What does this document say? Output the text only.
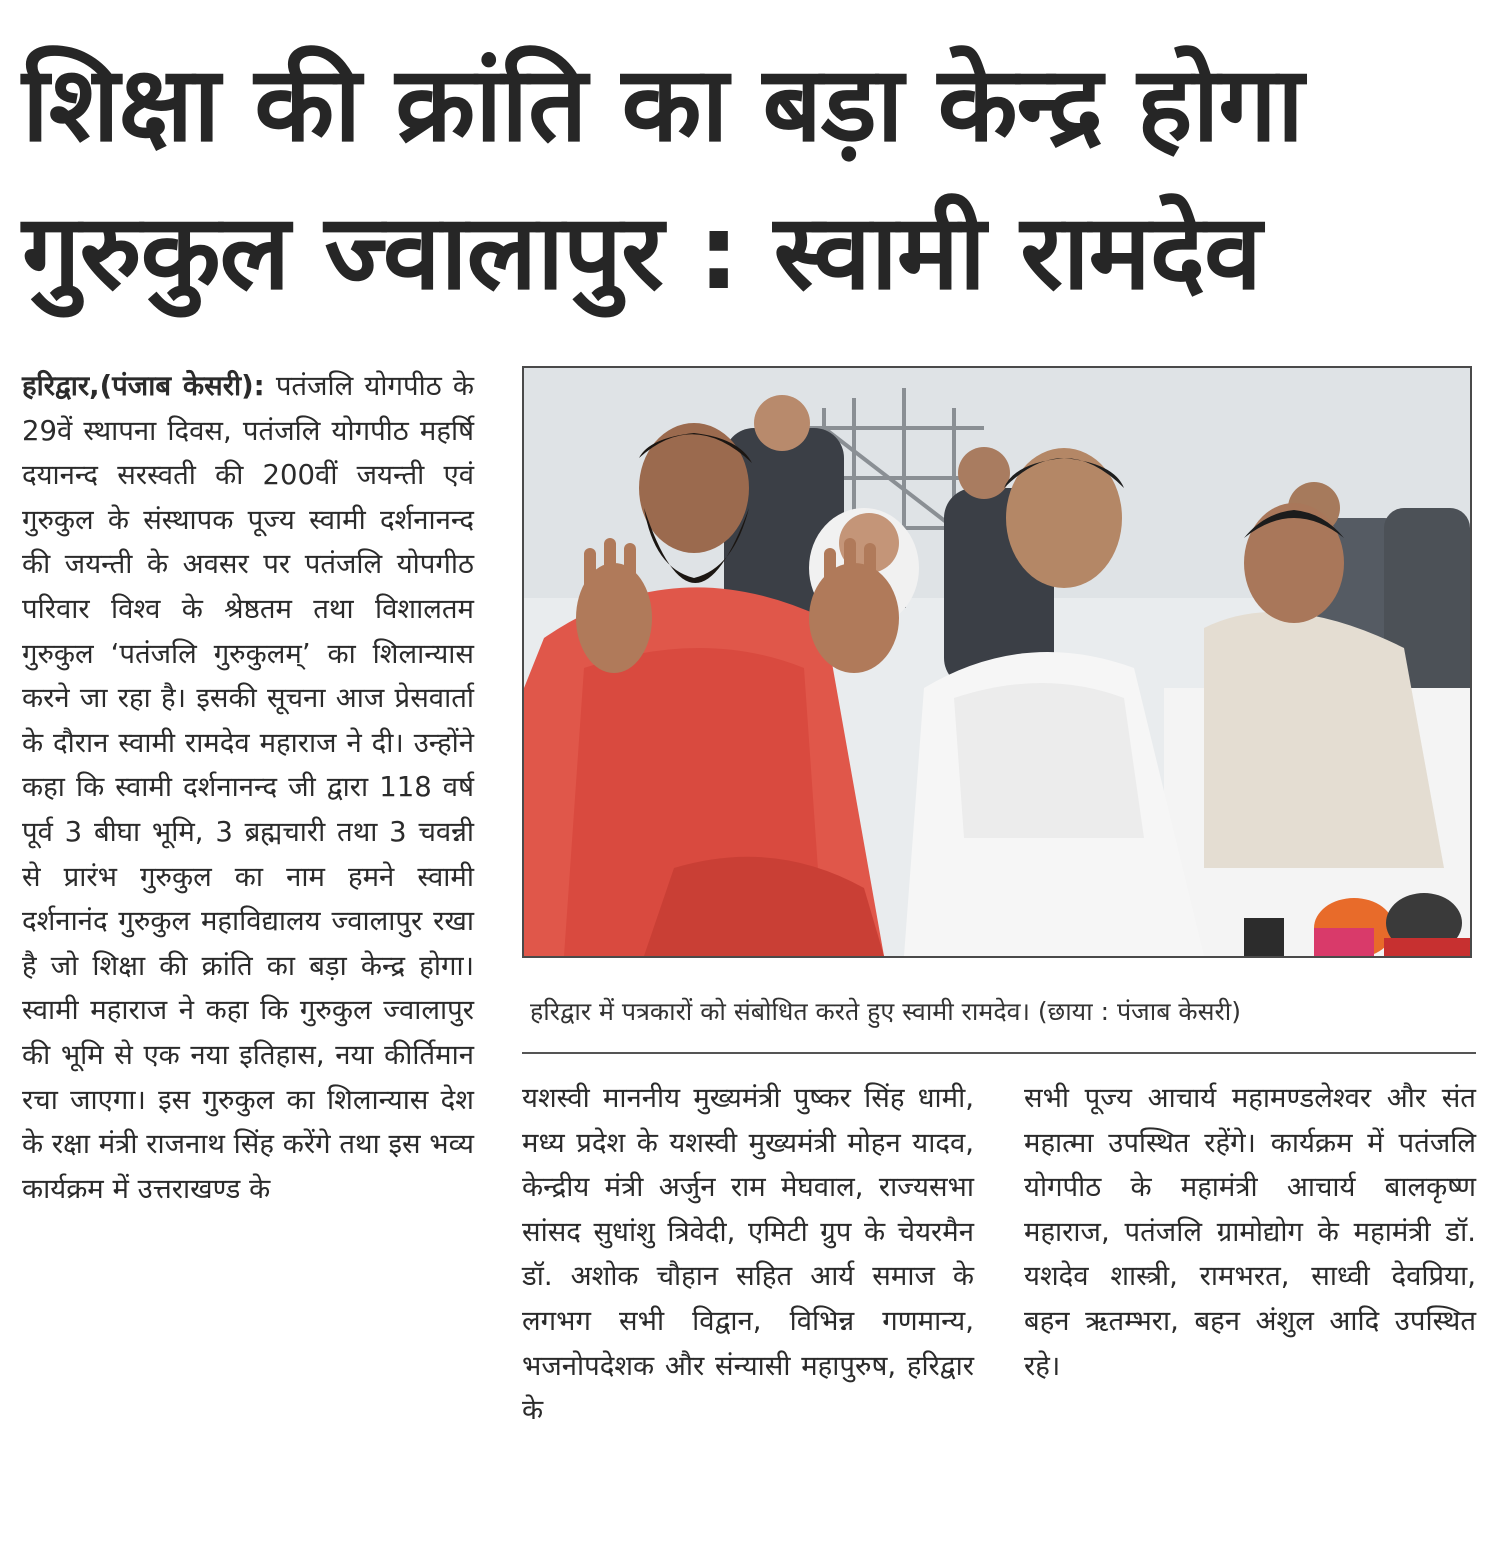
शिक्षा की क्रांति का बड़ा केन्द्र होगा
गुरुकुल ज्वालापुर : स्वामी रामदेव

हरिद्वार,(पंजाब केसरी): पतंजलि योगपीठ के 29वें स्थापना दिवस, पतंजलि योगपीठ महर्षि दयानन्द सरस्वती की 200वीं जयन्ती एवं गुरुकुल के संस्थापक पूज्य स्वामी दर्शनानन्द की जयन्ती के अवसर पर पतंजलि योपगीठ परिवार विश्व के श्रेष्ठतम तथा विशालतम गुरुकुल ‘पतंजलि गुरुकुलम्’ का शिलान्यास करने जा रहा है। इसकी सूचना आज प्रेसवार्ता के दौरान स्वामी रामदेव महाराज ने दी। उन्होंने कहा कि स्वामी दर्शनानन्द जी द्वारा 118 वर्ष पूर्व 3 बीघा भूमि, 3 ब्रह्मचारी तथा 3 चवन्नी से प्रारंभ गुरुकुल का नाम हमने स्वामी दर्शनानंद गुरुकुल महाविद्यालय ज्वालापुर रखा है जो शिक्षा की क्रांति का बड़ा केन्द्र होगा। स्वामी महाराज ने कहा कि गुरुकुल ज्वालापुर की भूमि से एक नया इतिहास, नया कीर्तिमान रचा जाएगा। इस गुरुकुल का शिलान्यास देश के रक्षा मंत्री राजनाथ सिंह करेंगे तथा इस भव्य कार्यक्रम में उत्तराखण्ड के

हरिद्वार में पत्रकारों को संबोधित करते हुए स्वामी रामदेव। (छाया : पंजाब केसरी)

यशस्वी माननीय मुख्यमंत्री पुष्कर सिंह धामी, मध्य प्रदेश के यशस्वी मुख्यमंत्री मोहन यादव, केन्द्रीय मंत्री अर्जुन राम मेघवाल, राज्यसभा सांसद सुधांशु त्रिवेदी, एमिटी ग्रुप के चेयरमैन डॉ. अशोक चौहान सहित आर्य समाज के लगभग सभी विद्वान, विभिन्न गणमान्य, भजनोपदेशक और संन्यासी महापुरुष, हरिद्वार के

सभी पूज्य आचार्य महामण्डलेश्वर और संत महात्मा उपस्थित रहेंगे। कार्यक्रम में पतंजलि योगपीठ के महामंत्री आचार्य बालकृष्ण महाराज, पतंजलि ग्रामोद्योग के महामंत्री डॉ. यशदेव शास्त्री, रामभरत, साध्वी देवप्रिया, बहन ऋतम्भरा, बहन अंशुल आदि उपस्थित रहे।
